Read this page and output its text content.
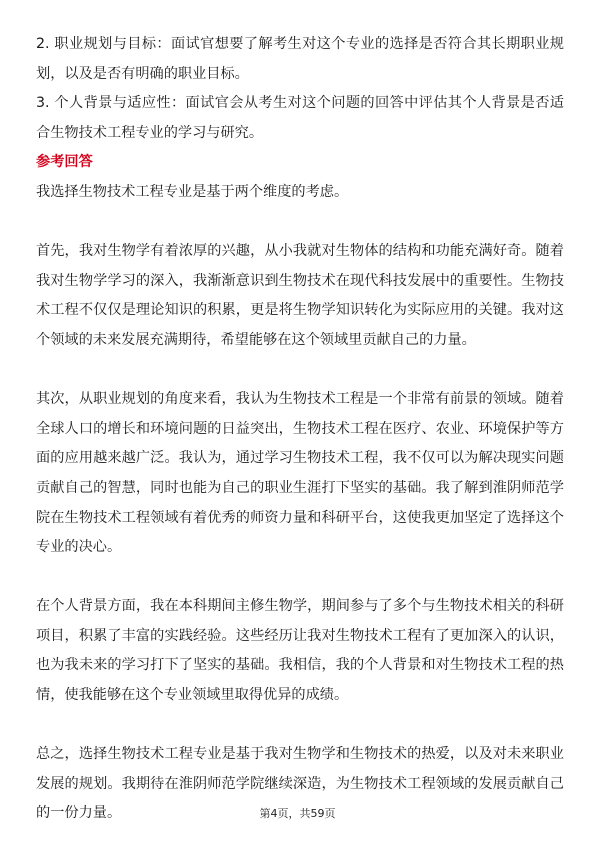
2. 职业规划与目标：面试官想要了解考生对这个专业的选择是否符合其长期职业规划，以及是否有明确的职业目标。

3. 个人背景与适应性：面试官会从考生对这个问题的回答中评估其个人背景是否适合生物技术工程专业的学习与研究。

参考回答

我选择生物技术工程专业是基于两个维度的考虑。

首先，我对生物学有着浓厚的兴趣，从小我就对生物体的结构和功能充满好奇。随着我对生物学学习的深入，我渐渐意识到生物技术在现代科技发展中的重要性。生物技术工程不仅仅是理论知识的积累，更是将生物学知识转化为实际应用的关键。我对这个领域的未来发展充满期待，希望能够在这个领域里贡献自己的力量。

其次，从职业规划的角度来看，我认为生物技术工程是一个非常有前景的领域。随着全球人口的增长和环境问题的日益突出，生物技术工程在医疗、农业、环境保护等方面的应用越来越广泛。我认为，通过学习生物技术工程，我不仅可以为解决现实问题贡献自己的智慧，同时也能为自己的职业生涯打下坚实的基础。我了解到淮阴师范学院在生物技术工程领域有着优秀的师资力量和科研平台，这使我更加坚定了选择这个专业的决心。

在个人背景方面，我在本科期间主修生物学，期间参与了多个与生物技术相关的科研项目，积累了丰富的实践经验。这些经历让我对生物技术工程有了更加深入的认识，也为我未来的学习打下了坚实的基础。我相信，我的个人背景和对生物技术工程的热情，使我能够在这个专业领域里取得优异的成绩。

总之，选择生物技术工程专业是基于我对生物学和生物技术的热爱，以及对未来职业发展的规划。我期待在淮阴师范学院继续深造，为生物技术工程领域的发展贡献自己的一份力量。	第4页，共59页
